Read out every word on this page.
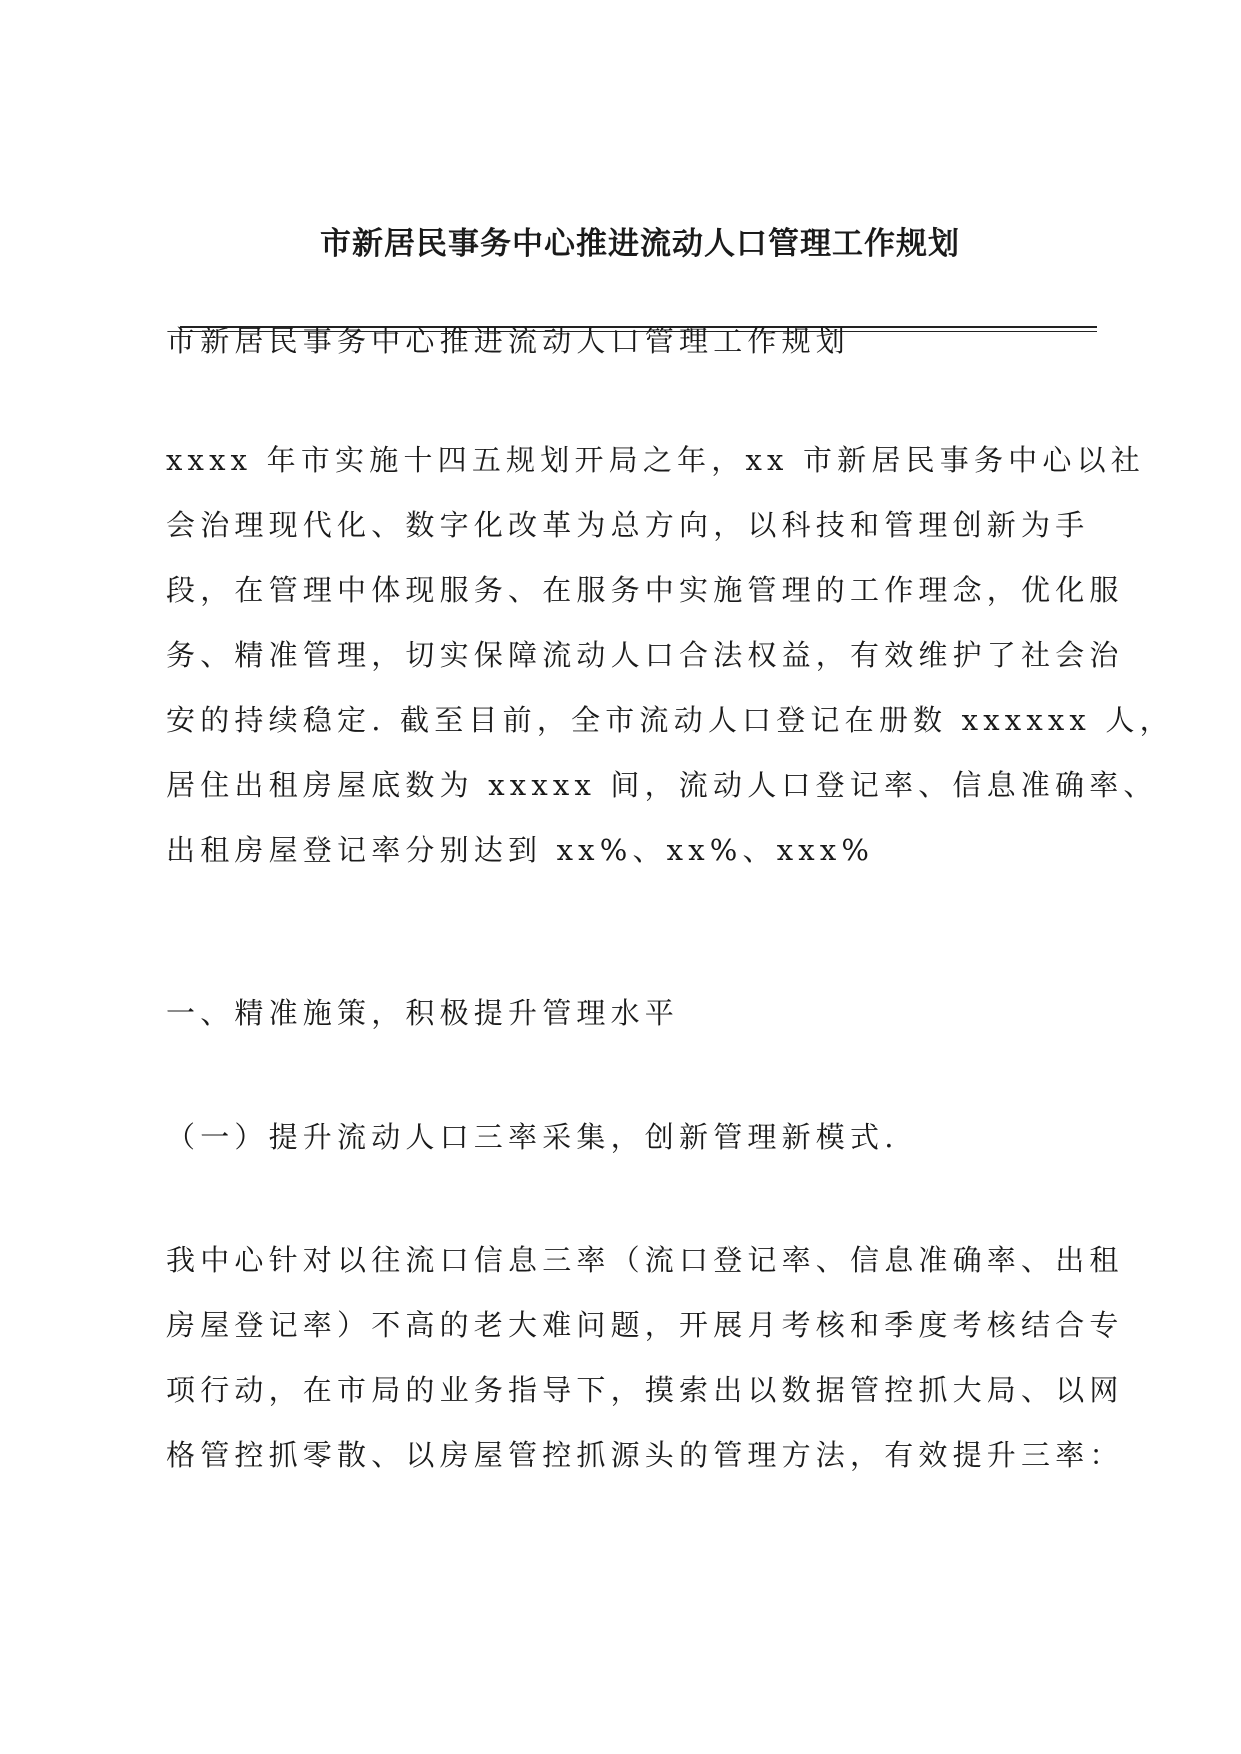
市新居民事务中心推进流动人口管理工作规划

市新居民事务中心推进流动人口管理工作规划

xxxx 年市实施十四五规划开局之年，xx 市新居民事务中心以社
会治理现代化、数字化改革为总方向，以科技和管理创新为手
段，在管理中体现服务、在服务中实施管理的工作理念，优化服
务、精准管理，切实保障流动人口合法权益，有效维护了社会治
安的持续稳定. 截至目前，全市流动人口登记在册数 xxxxxx 人，
居住出租房屋底数为 xxxxx 间，流动人口登记率、信息准确率、
出租房屋登记率分别达到 xx%、xx%、xxx%

一、精准施策，积极提升管理水平

（一）提升流动人口三率采集，创新管理新模式.

我中心针对以往流口信息三率（流口登记率、信息准确率、出租
房屋登记率）不高的老大难问题，开展月考核和季度考核结合专
项行动，在市局的业务指导下，摸索出以数据管控抓大局、以网
格管控抓零散、以房屋管控抓源头的管理方法，有效提升三率：
